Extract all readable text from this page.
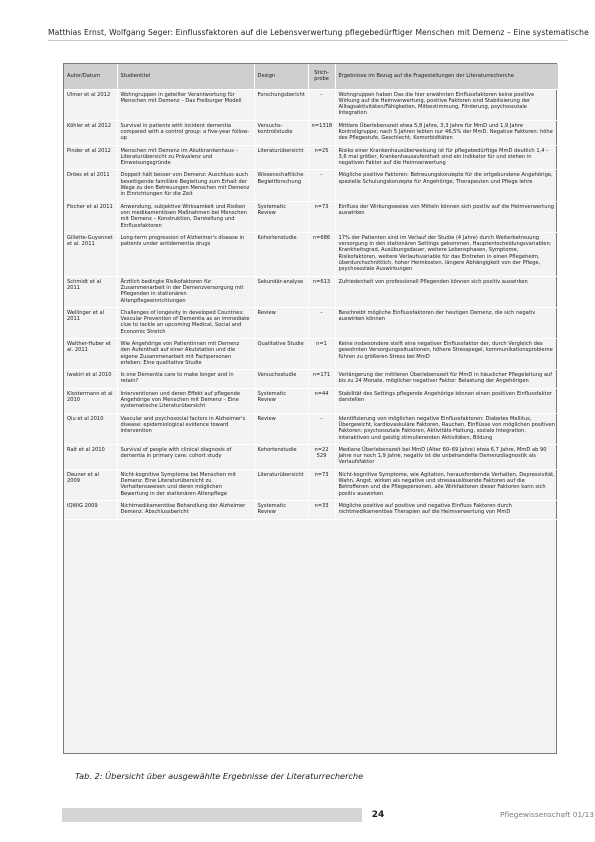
Matthias Ernst, Wolfgang Seger: Einflussfaktoren auf die Lebensverwertung pflegebedürftiger Menschen mit Demenz – Eine systematische
Autor/Datum	Studientitel	Design	Stich-probe	Ergebnisse im Bezug auf die Fragestellungen der Literaturrecherche
Ulmer et al 2012	Wohngruppen in geteilter Verantwortung für Menschen mit Demenz – Das Freiburger Modell	Forschungsbericht	–	Wohngruppen haben Das die hier erwähnten Einflussfaktoren keine positive Wirkung auf die Heimverwertung, positive Faktoren sind Stabilisierung der Alltagsaktivitäten/Fähigkeiten, Mitbestimmung, Förderung, psychosoziale Integration
Köhler et al 2012	Survival in patients with incident dementia compared with a control group: a five-year follow-up	Versuchs-kontrollstudie	n=1318	Mittlere Überlebenszeit etwa 5,8 Jahre, 3,3 Jahre für MmD und 1,9 Jahre Kontrollgruppe; nach 5 Jahren lebten nur 46,5% der MmD. Negative Faktoren: höhe des Pflegestufe, Geschlecht, Komorbiditäten
Pinder et al 2012	Menschen mit Demenz im Akutkrankenhaus – Literaturübersicht zu Prävalenz und Einweisungsgründe	Literaturübersicht	n=25	Risiko einer Krankenhausüberweisung ist für pflegebedürftige MmD deutlich 1,4 – 3,6 mal größer, Krankenhausaufenthalt sind ein Indikator für und stehen in negativen Faktor auf die Heimverwertung
Dröes et al 2011	Doppelt hält besser von Demenz: Auschluss auch beseitigende familiäre Begleitung zum Erhalt der Wege zu den Betreuungen Menschen mit Demenz in Einrichtungen für die Zeit	Wissenschaftliche Begleitforschung	–	Mögliche positive Faktoren: Betreuungskonzepte für die ortgebundene Angehörige, spezielle Schulungskonzepte für Angehörige, Therapeuten und Pflege lehre
Fischer et al 2011	Anwendung, subjektive Wirksamkeit und Risiken von medikamentösen Maßnahmen bei Menschen mit Demenz – Konstruktion, Darstellung und Einflussfaktoren	Systematic Review	n=73	Einfluss der Wirkungsweise von Mitteln können sich positiv auf die Heimverwertung auswirken
Gillette-Guyonnet et al. 2011	Long-term progression of Alzheimer's disease in patients under antidementia drugs	Kohortenstudie	n=686	17% der Patienten sind im Verlauf der Studie (4 Jahre) durch Weiterbetreuung versorgung in den stationären Settings gekommen, Hauptentscheidungsvariablen: Krankheitsgrad, Ausübungsdauer, weitere Lebensphasen, Symptome, Risikofaktoren, weitere Verlaufsvariable für das Eintreten in einen Pflegeheim, überdurchschnittlich, hoher Heimkosten, längere Abhängigkeit von der Pflege, psychosoziale Auswirkungen
Schmidt et al 2011	Ärztlich bedingte Risikofaktoren für Zusammenarbeit in der Demenzversorgung mit Pflegenden in stationären Altenpflegeeinrichtungen	Sekundär-analyse	n=613	Zufriedenheit von professionell Pflegenden können sich positiv auswirken
Wellinger et al 2011	Challenges of longevity in developed Countries: Vascular Prevention of Dementia as an immediate clue to tackle an upcoming Medical, Social and Economic Stretch	Review	–	Beschreibt mögliche Einflussfaktoren der heutigen Demenz, die sich negativ auswirken können
Walther-Huber et al. 2011	Wie Angehörige von Patientinnen mit Demenz den Aufenthalt auf einer Akutstation und die eigene Zusammenarbeit mit Fachpersonen erleben: Eine qualitative Studie	Qualitative Studie	n=1	Keine insbesondere stellt eine negativer Einflussfaktor der, durch Vergleich des gewohnten Versorgungssituationen, höhere Stresspegel, kommunikationsprobleme führen zu größeren Stress bei MmD
Iwakiri et al 2010	Is one Dementia care to make longer and in retain?	Versuchsstudie	n=171	Verlängerung der mittleren Überlebenszeit für MmD in häuslicher Pflegeleitung auf bis zu 24 Monate, möglicher negativer Faktor: Belastung der Angehörigen
Klostermann et al 2010	Interventionen und deren Effekt auf pflegende Angehörige von Menschen mit Demenz – Eine systematische Literaturübersicht	Systematic Review	n=44	Stabilität des Settings pflegende Angehörige können einen positiven Einflussfaktor darstellen
Qiu et al 2010	Vascular and psychosocial factors in Alzheimer's disease: epidemiological evidence toward intervention	Review	–	Identifizierung von möglichen negative Einflussfaktoren: Diabetes Mellitus, Übergewicht, kardiovaskuläre Faktoren, Rauchen, Einflüsse von möglichen positiven Faktoren: psychosoziale Faktoren, Aktivitäts-Haltung, soziale Integration, interaktiven und geistig stimulierenden Aktivitäten, Bildung
Rait et al 2010	Survival of people with clinical diagnosis of dementia in primary care: cohort study	Kohortenstudie	n=22 529	Mediane Überlebenszeit bei MmD (Alter 60–69 Jahre) etwa 6,7 Jahre, MmD ab 90 Jahre nur noch 1,9 Jahre, negativ ist die unbehandelte Demenzdiagnostik als Verlaufsfaktor
Deuner et al 2009	Nicht-kognitive Symptome bei Menschen mit Demenz. Eine Literaturübersicht zu Verhaltensweisen und deren möglichen Bewertung in der stationären Altenpflege	Literaturübersicht	n=73	Nicht-kognitive Symptome, wie Agitation, herausfordernde Verhalten, Depressivität, Wahn, Angst, wirken als negative und stressauslösende Faktoren auf die Betroffenen und die Pflegepersonen, alle Wirkfaktoren dieser Faktoren kann sich positiv auswirken
IQWiG 2009	Nichtmedikamentöse Behandlung der Alzheimer Demenz. Abschlussbericht	Systematic Review	n=33	Mögliche positive auf positive und negative Einfluss Faktoren durch nichtmedikamentöse Therapien auf die Heimverwertung von MmD
Tab. 2: Übersicht über ausgewählte Ergebnisse der Literaturrecherche
24	Pflegewissenschaft 01/13
